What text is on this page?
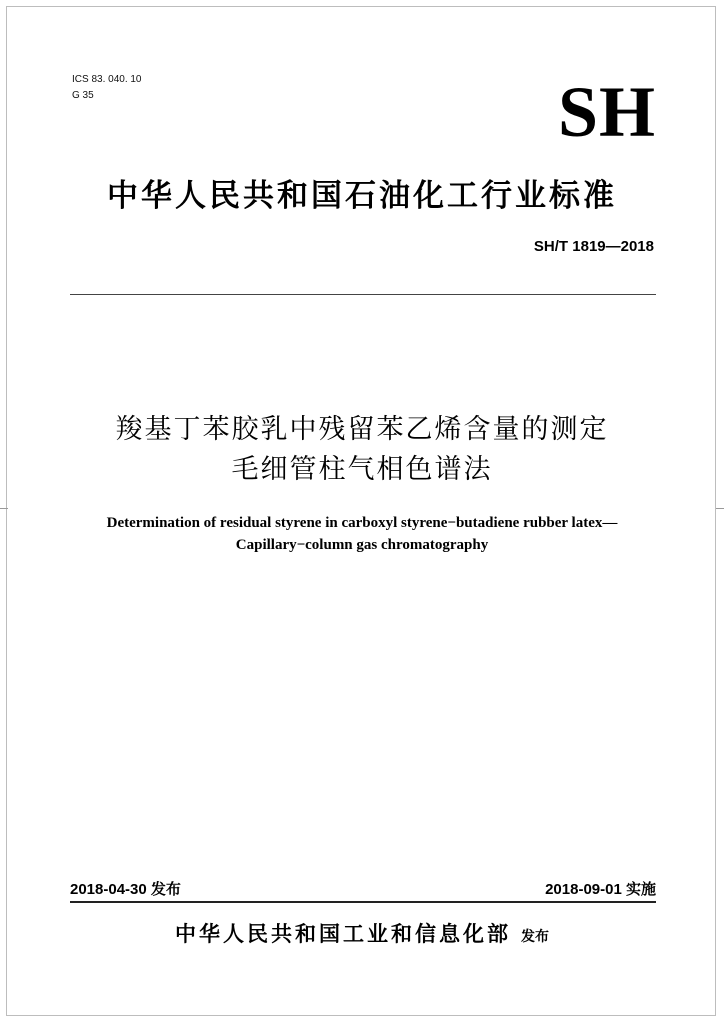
ICS 83. 040. 10
G 35	SH
中华人民共和国石油化工行业标准
SH/T 1819—2018
羧基丁苯胶乳中残留苯乙烯含量的测定
毛细管柱气相色谱法
Determination of residual styrene in carboxyl styrene−butadiene rubber latex—
Capillary−column gas chromatography
2018-04-30 发布	2018-09-01 实施
中华人民共和国工业和信息化部 发布
